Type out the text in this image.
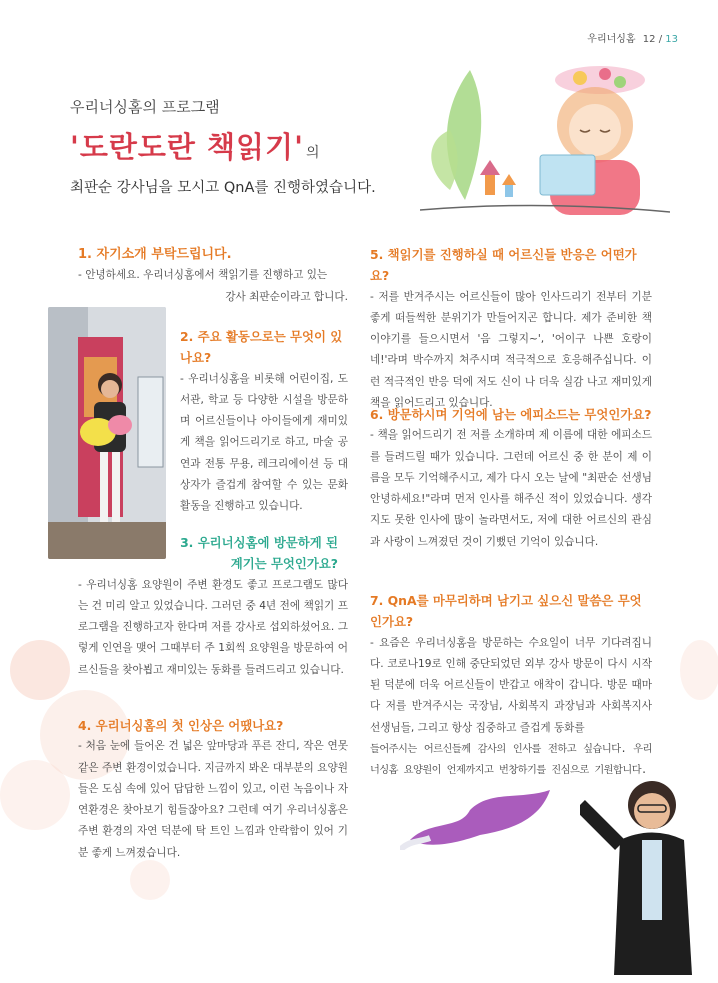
우리너싱홈 12 / 13
우리너싱홈의 프로그램
'도란도란 책읽기' 의
최판순 강사님을 모시고 QnA를 진행하였습니다.
1. 자기소개 부탁드립니다.
- 안녕하세요. 우리너싱홈에서 책읽기를 진행하고 있는
강사 최판순이라고 합니다.
2. 주요 활동으로는 무엇이 있나요?
- 우리너싱홈을 비롯해 어린이집, 도서관, 학교 등 다양한 시설을 방문하며 어르신들이나 아이들에게 재미있게 책을 읽어드리기로 하고, 마술 공연과 전통 무용, 레크리에이션 등 대상자가 즐겁게 참여할 수 있는 문화 활동을 진행하고 있습니다.
3. 우리너싱홈에 방문하게 된
계기는 무엇인가요?
- 우리너싱홈 요양원이 주변 환경도 좋고 프로그램도 많다는 건 미리 알고 있었습니다. 그러던 중 4년 전에 책읽기 프로그램을 진행하고자 한다며 저를 강사로 섭외하셨어요. 그렇게 인연을 맺어 그때부터 주 1회씩 요양원을 방문하여 어르신들을 찾아뵙고 재미있는 동화를 들려드리고 있습니다.
4. 우리너싱홈의 첫 인상은 어땠나요?
- 처음 눈에 들어온 건 넓은 앞마당과 푸른 잔디, 작은 연못 같은 주변 환경이었습니다. 지금까지 봐온 대부분의 요양원들은 도심 속에 있어 답답한 느낌이 있고, 이런 녹음이나 자연환경은 찾아보기 힘들잖아요? 그런데 여기 우리너싱홈은 주변 환경의 자연 덕분에 탁 트인 느낌과 안락함이 있어 기분 좋게 느껴졌습니다.
5. 책읽기를 진행하실 때 어르신들 반응은 어떤가요?
- 저를 반겨주시는 어르신들이 많아 인사드리기 전부터 기분 좋게 떠들썩한 분위기가 만들어지곤 합니다. 제가 준비한 책 이야기를 들으시면서 '음 그렇지~', '어이구 나쁜 호랑이네!'라며 박수까지 쳐주시며 적극적으로 호응해주십니다. 이런 적극적인 반응 덕에 저도 신이 나 더욱 실감 나고 재미있게 책을 읽어드리고 있습니다.
6. 방문하시며 기억에 남는 에피소드는 무엇인가요?
- 책을 읽어드리기 전 저를 소개하며 제 이름에 대한 에피소드를 들려드릴 때가 있습니다. 그런데 어르신 중 한 분이 제 이름을 모두 기억해주시고, 제가 다시 오는 날에 "최판순 선생님 안녕하세요!"라며 먼저 인사를 해주신 적이 있었습니다. 생각지도 못한 인사에 많이 놀라면서도, 저에 대한 어르신의 관심과 사랑이 느껴졌던 것이 기뻤던 기억이 있습니다.
7. QnA를 마무리하며 남기고 싶으신 말씀은 무엇인가요?
- 요즘은 우리너싱홈을 방문하는 수요일이 너무 기다려집니다. 코로나19로 인해 중단되었던 외부 강사 방문이 다시 시작된 덕분에 더욱 어르신들이 반갑고 애착이 갑니다. 방문 때마다 저를 반겨주시는 국장님, 사회복지 과장님과 사회복지사 선생님들, 그리고 항상 집중하고 즐겁게 동화를
들어주시는 어르신들께 감사의 인사를 전하고 싶습니다. 우리너싱홈 요양원이 언제까지고 번창하기를 진심으로 기원합니다.
